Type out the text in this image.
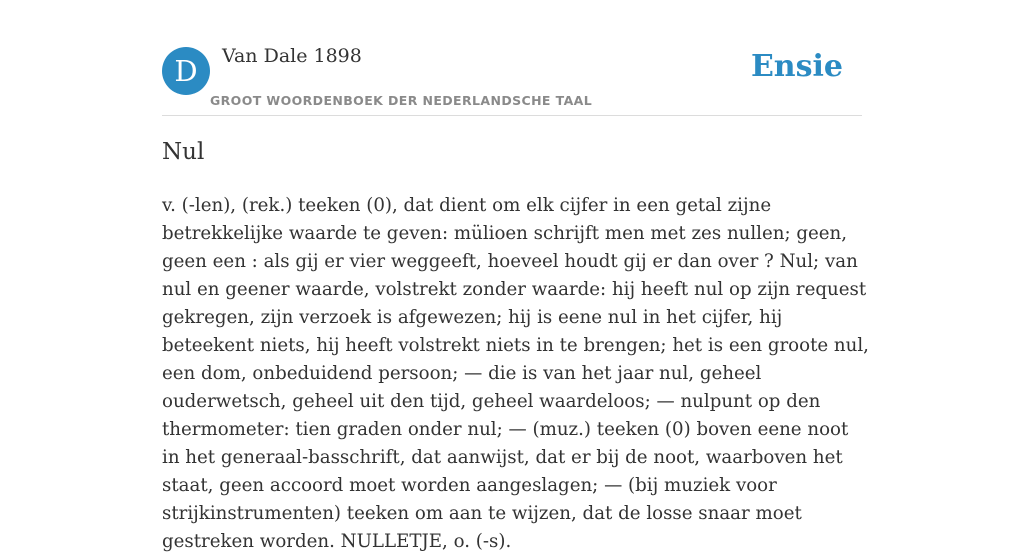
D	Van Dale 1898
GROOT WOORDENBOEK DER NEDERLANDSCHE TAAL
Ensie
Nul

v. (-len), (rek.) teeken (0), dat dient om elk cijfer in een getal zijne betrekkelijke waarde te geven: mülioen schrijft men met zes nullen; geen, geen een : als gij er vier weggeeft, hoeveel houdt gij er dan over ? Nul; van nul en geener waarde, volstrekt zonder waarde: hij heeft nul op zijn request gekregen, zijn verzoek is afgewezen; hij is eene nul in het cijfer, hij beteekent niets, hij heeft volstrekt niets in te brengen; het is een groote nul, een dom, onbeduidend persoon; — die is van het jaar nul, geheel ouderwetsch, geheel uit den tijd, geheel waardeloos; — nulpunt op den thermometer: tien graden onder nul; — (muz.) teeken (0) boven eene noot in het generaal-basschrift, dat aanwijst, dat er bij de noot, waarboven het staat, geen accoord moet worden aangeslagen; — (bij muziek voor strijkinstrumenten) teeken om aan te wijzen, dat de losse snaar moet gestreken worden. NULLETJE, o. (-s).
